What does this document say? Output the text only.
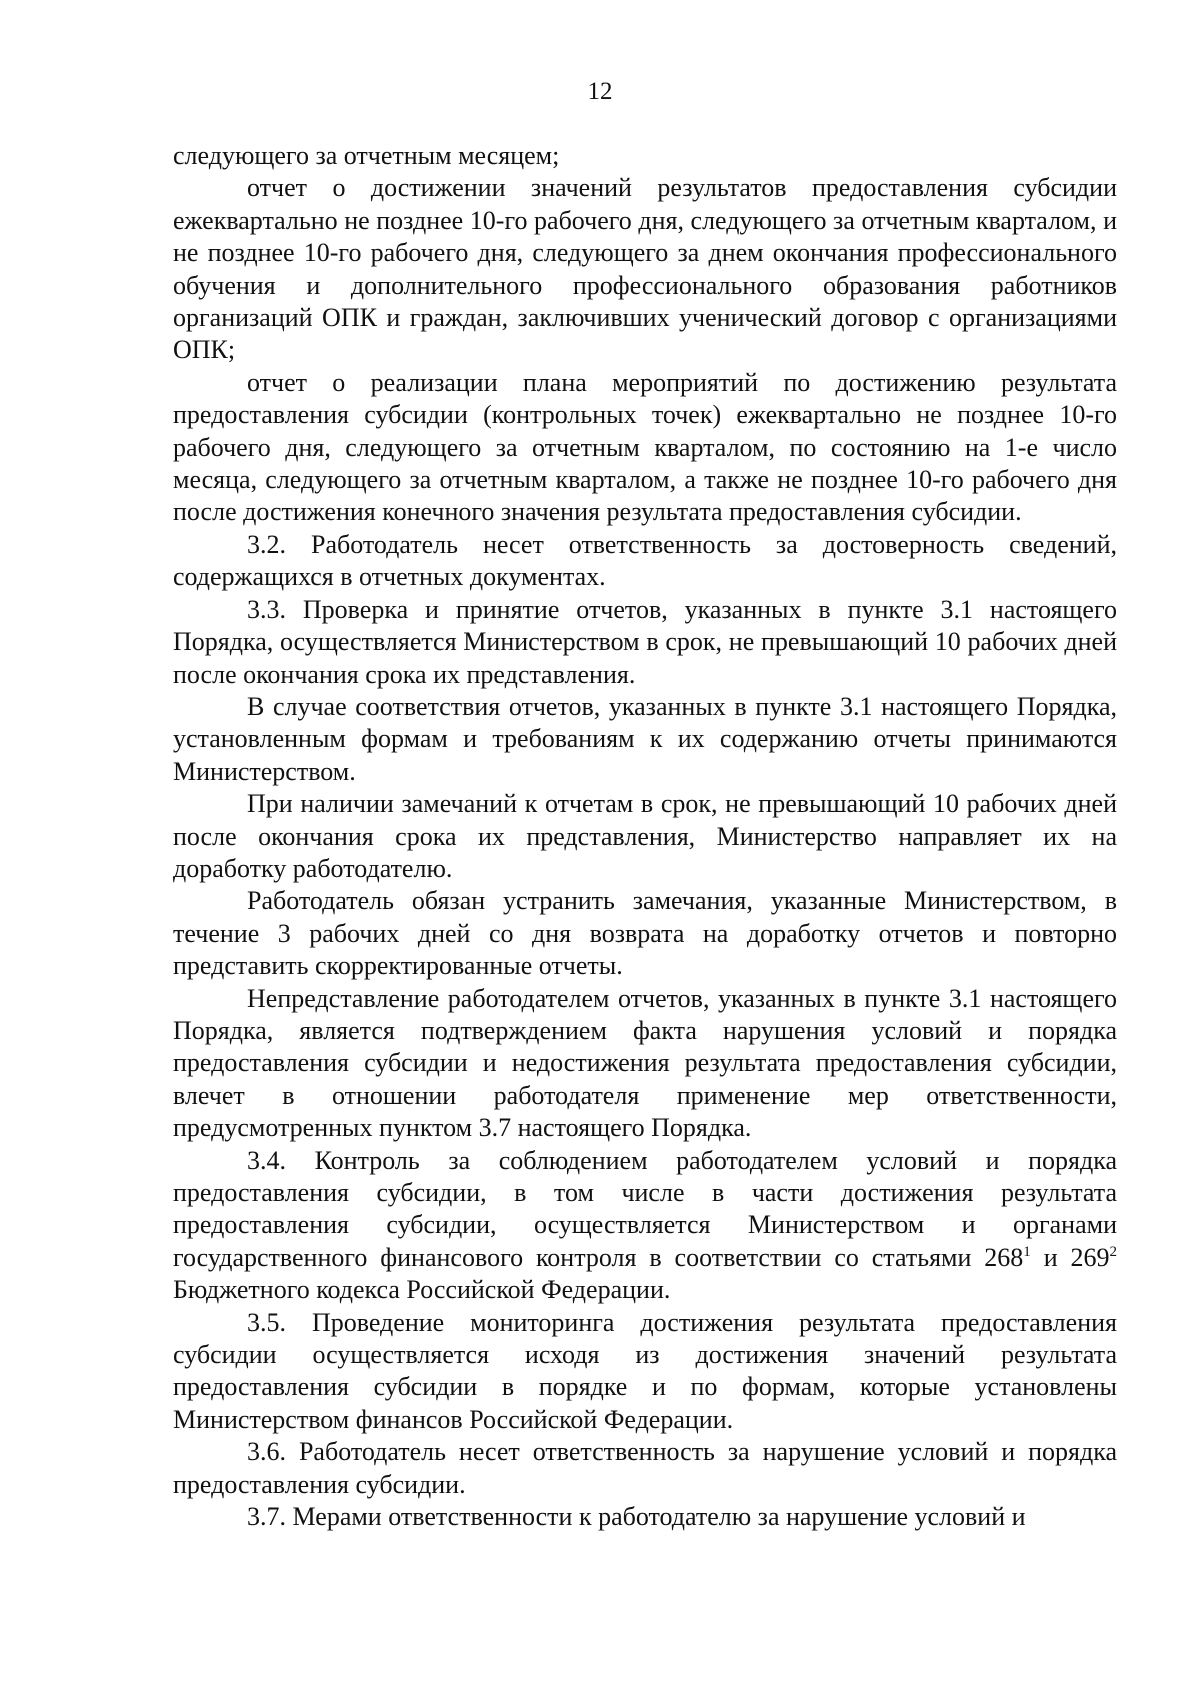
12

следующего за отчетным месяцем;

отчет о достижении значений результатов предоставления субсидии ежеквартально не позднее 10-го рабочего дня, следующего за отчетным кварталом, и не позднее 10-го рабочего дня, следующего за днем окончания профессионального обучения и дополнительного профессионального образования работников организаций ОПК и граждан, заключивших ученический договор с организациями ОПК;

отчет о реализации плана мероприятий по достижению результата предоставления субсидии (контрольных точек) ежеквартально не позднее 10-го рабочего дня, следующего за отчетным кварталом, по состоянию на 1-е число месяца, следующего за отчетным кварталом, а также не позднее 10-го рабочего дня после достижения конечного значения результата предоставления субсидии.

3.2. Работодатель несет ответственность за достоверность сведений, содержащихся в отчетных документах.

3.3. Проверка и принятие отчетов, указанных в пункте 3.1 настоящего Порядка, осуществляется Министерством в срок, не превышающий 10 рабочих дней после окончания срока их представления.

В случае соответствия отчетов, указанных в пункте 3.1 настоящего Порядка, установленным формам и требованиям к их содержанию отчеты принимаются Министерством.

При наличии замечаний к отчетам в срок, не превышающий 10 рабочих дней после окончания срока их представления, Министерство направляет их на доработку работодателю.

Работодатель обязан устранить замечания, указанные Министерством, в течение 3 рабочих дней со дня возврата на доработку отчетов и повторно представить скорректированные отчеты.

Непредставление работодателем отчетов, указанных в пункте 3.1 настоящего Порядка, является подтверждением факта нарушения условий и порядка предоставления субсидии и недостижения результата предоставления субсидии, влечет в отношении работодателя применение мер ответственности, предусмотренных пунктом 3.7 настоящего Порядка.

3.4. Контроль за соблюдением работодателем условий и порядка предоставления субсидии, в том числе в части достижения результата предоставления субсидии, осуществляется Министерством и органами государственного финансового контроля в соответствии со статьями $268^1$ и $269^2$ Бюджетного кодекса Российской Федерации.

3.5. Проведение мониторинга достижения результата предоставления субсидии осуществляется исходя из достижения значений результата предоставления субсидии в порядке и по формам, которые установлены Министерством финансов Российской Федерации.

3.6. Работодатель несет ответственность за нарушение условий и порядка предоставления субсидии.

3.7. Мерами ответственности к работодателю за нарушение условий и
